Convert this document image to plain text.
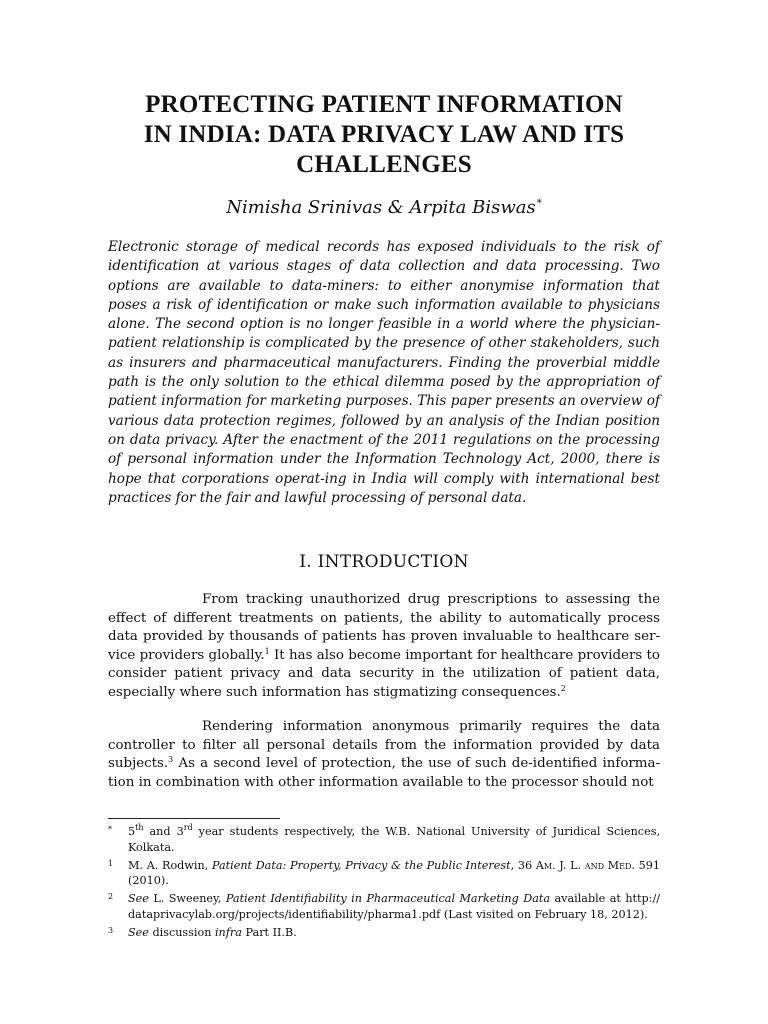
PROTECTING PATIENT INFORMATION
IN INDIA: DATA PRIVACY LAW AND ITS
CHALLENGES
Nimisha Srinivas & Arpita Biswas*
Electronic storage of medical records has exposed individuals to the risk of identification at various stages of data collection and data processing. Two options are available to data-miners: to either anonymise information that poses a risk of identification or make such information available to physicians alone. The second option is no longer feasible in a world where the physician-patient relationship is complicated by the presence of other stakeholders, such as insurers and pharmaceutical manufacturers. Finding the proverbial middle path is the only solution to the ethical dilemma posed by the appropriation of patient information for marketing purposes. This paper presents an overview of various data protection regimes, followed by an analysis of the Indian position on data privacy. After the enactment of the 2011 regulations on the processing of personal information under the Information Technology Act, 2000, there is hope that corporations operat-ing in India will comply with international best practices for the fair and lawful processing of personal data.
I. INTRODUCTION
From tracking unauthorized drug prescriptions to assessing the effect of different treatments on patients, the ability to automatically process data provided by thousands of patients has proven invaluable to healthcare ser-vice providers globally.$^1$ It has also become important for healthcare providers to consider patient privacy and data security in the utilization of patient data, especially where such information has stigmatizing consequences.$^2$
Rendering information anonymous primarily requires the data controller to filter all personal details from the information provided by data subjects.$^3$ As a second level of protection, the use of such de-identified informa-tion in combination with other information available to the processor should not
* 5th and 3rd year students respectively, the W.B. National University of Juridical Sciences, Kolkata.
1 M. A. Rodwin, Patient Data: Property, Privacy & the Public Interest, 36 Am. J. L. and Med. 591 (2010).
2 See L. Sweeney, Patient Identifiability in Pharmaceutical Marketing Data available at http:// dataprivacylab.org/projects/identifiability/pharma1.pdf (Last visited on February 18, 2012).
3 See discussion infra Part II.B.
